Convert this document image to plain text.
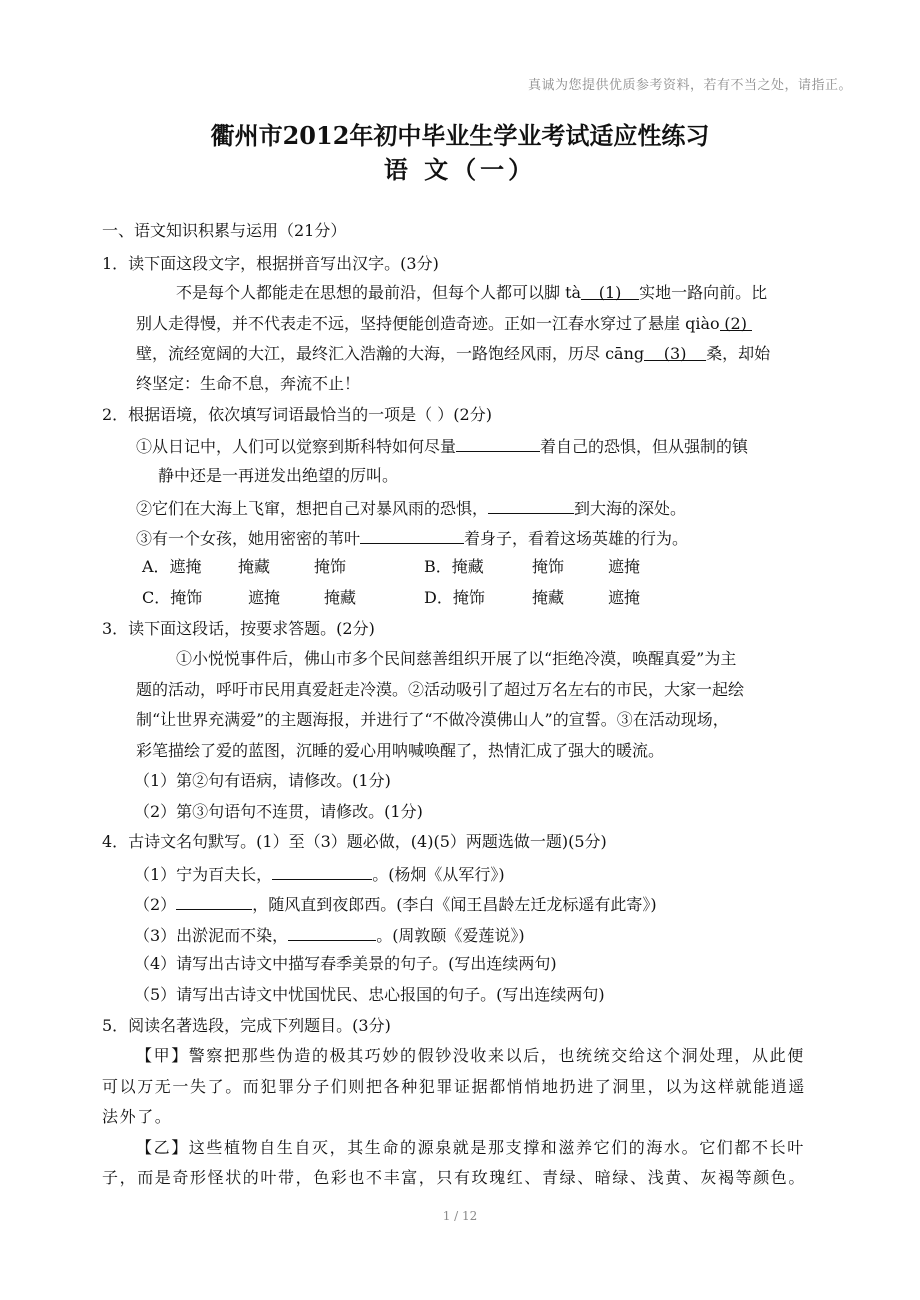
真诚为您提供优质参考资料，若有不当之处，请指正。
衢州市2012年初中毕业生学业考试适应性练习
语 文（一）
一、语文知识积累与运用（21分）
1．读下面这段文字，根据拼音写出汉字。(3分)
不是每个人都能走在思想的最前沿，但每个人都可以脚 tà (1) 实地一路向前。比
别人走得慢，并不代表走不远，坚持便能创造奇迹。正如一江春水穿过了悬崖 qiào (2)
壁，流经宽阔的大江，最终汇入浩瀚的大海，一路饱经风雨，历尽 cāng (3) 桑，却始
终坚定：生命不息，奔流不止！
2．根据语境，依次填写词语最恰当的一项是（ ）(2分)
①从日记中，人们可以觉察到斯科特如何尽量	着自己的恐惧，但从强制的镇
静中还是一再迸发出绝望的厉叫。
②它们在大海上飞窜，想把自己对暴风雨的恐惧，	到大海的深处。
③有一个女孩，她用密密的苇叶	着身子，看着这场英雄的行为。
A．遮掩 掩藏	掩饰	B．掩藏	掩饰	遮掩
C．掩饰	遮掩	掩藏	D．掩饰	掩藏	遮掩
3．读下面这段话，按要求答题。(2分)
①小悦悦事件后，佛山市多个民间慈善组织开展了以“拒绝冷漠，唤醒真爱”为主
题的活动，呼吁市民用真爱赶走冷漠。②活动吸引了超过万名左右的市民，大家一起绘
制“让世界充满爱”的主题海报，并进行了“不做冷漠佛山人”的宣誓。③在活动现场，
彩笔描绘了爱的蓝图，沉睡的爱心用呐喊唤醒了，热情汇成了强大的暖流。
（1）第②句有语病，请修改。(1分)
（2）第③句语句不连贯，请修改。(1分)
4．古诗文名句默写。(1）至（3）题必做，(4)(5）两题选做一题)(5分)
（1）宁为百夫长，	。(杨炯《从军行》)
（2）	，随风直到夜郎西。(李白《闻王昌龄左迁龙标遥有此寄》)
（3）出淤泥而不染，	。(周敦颐《爱莲说》)
（4）请写出古诗文中描写春季美景的句子。(写出连续两句)
（5）请写出古诗文中忧国忧民、忠心报国的句子。(写出连续两句)
5．阅读名著选段，完成下列题目。(3分)
【甲】警察把那些伪造的极其巧妙的假钞没收来以后，也统统交给这个洞处理，从此便
可以万无一失了。而犯罪分子们则把各种犯罪证据都悄悄地扔进了洞里，以为这样就能逍遥
法外了。
【乙】这些植物自生自灭，其生命的源泉就是那支撑和滋养它们的海水。它们都不长叶
子，而是奇形怪状的叶带，色彩也不丰富，只有玫瑰红、青绿、暗绿、浅黄、灰褐等颜色。
1 / 12
